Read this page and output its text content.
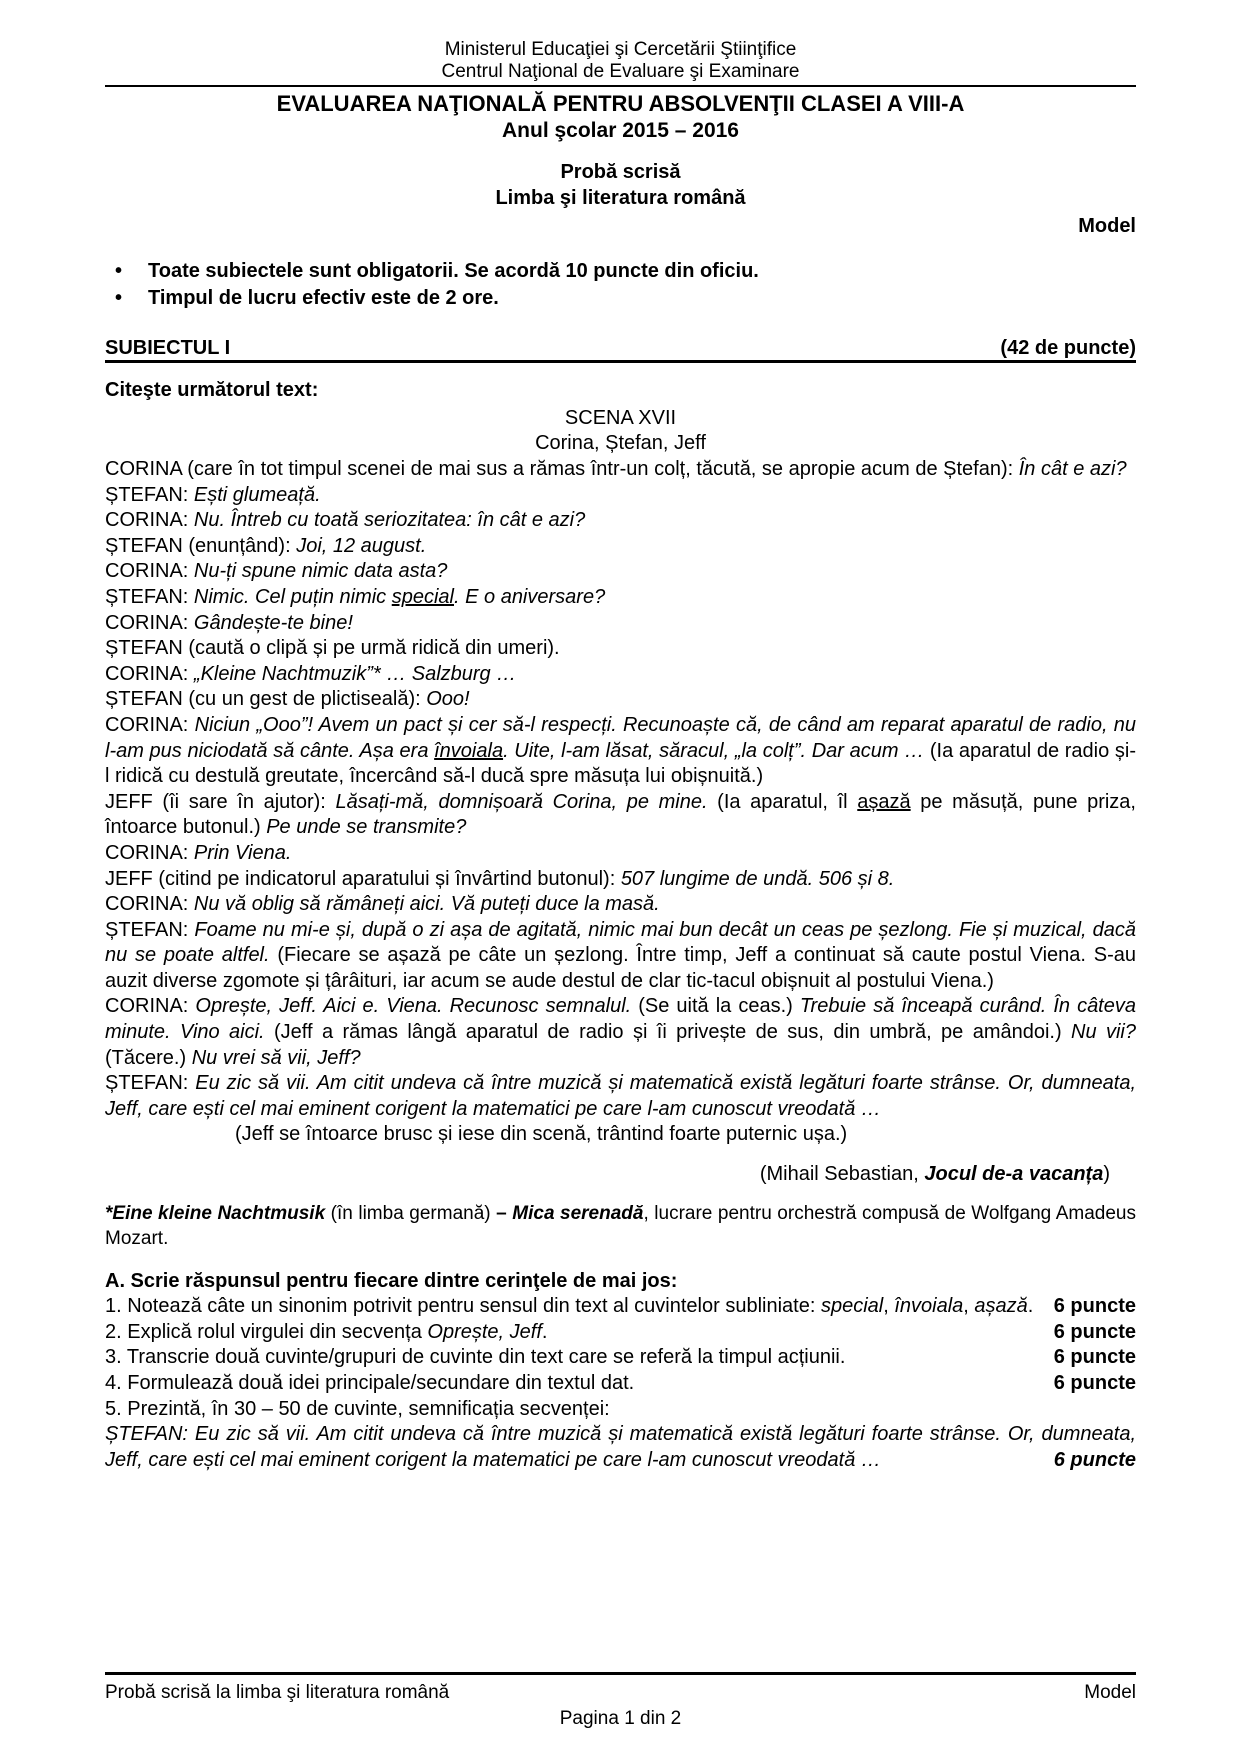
Ministerul Educaţiei şi Cercetării Ştiinţifice
Centrul Naţional de Evaluare şi Examinare
EVALUAREA NAŢIONALĂ PENTRU ABSOLVENŢII CLASEI A VIII-A
Anul şcolar 2015 – 2016
Probă scrisă
Limba şi literatura română
Model
• Toate subiectele sunt obligatorii. Se acordă 10 puncte din oficiu.
• Timpul de lucru efectiv este de 2 ore.
SUBIECTUL I	(42 de puncte)
Citeşte următorul text:
SCENA XVII
Corina, Ștefan, Jeff

CORINA (care în tot timpul scenei de mai sus a rămas într-un colț, tăcută, se apropie acum de Ștefan): În cât e azi?

ȘTEFAN: Ești glumeață.

CORINA: Nu. Întreb cu toată seriozitatea: în cât e azi?

ȘTEFAN (enunțând): Joi, 12 august.

CORINA: Nu-ți spune nimic data asta?

ȘTEFAN: Nimic. Cel puțin nimic special. E o aniversare?

CORINA: Gândește-te bine!

ȘTEFAN (caută o clipă și pe urmă ridică din umeri).

CORINA: „Kleine Nachtmuzik”* … Salzburg …

ȘTEFAN (cu un gest de plictiseală): Ooo!

CORINA: Niciun „Ooo”! Avem un pact și cer să-l respecți. Recunoaște că, de când am reparat aparatul de radio, nu l-am pus niciodată să cânte. Așa era învoiala. Uite, l-am lăsat, săracul, „la colț”. Dar acum … (Ia aparatul de radio și-l ridică cu destulă greutate, încercând să-l ducă spre măsuța lui obișnuită.)

JEFF (îi sare în ajutor): Lăsați-mă, domnișoară Corina, pe mine. (Ia aparatul, îl așază pe măsuță, pune priza, întoarce butonul.) Pe unde se transmite?

CORINA: Prin Viena.

JEFF (citind pe indicatorul aparatului și învârtind butonul): 507 lungime de undă. 506 și 8.

CORINA: Nu vă oblig să rămâneți aici. Vă puteți duce la masă.

ȘTEFAN: Foame nu mi-e și, după o zi așa de agitată, nimic mai bun decât un ceas pe șezlong. Fie și muzical, dacă nu se poate altfel. (Fiecare se așază pe câte un șezlong. Între timp, Jeff a continuat să caute postul Viena. S-au auzit diverse zgomote și țârâituri, iar acum se aude destul de clar tic-tacul obișnuit al postului Viena.)

CORINA: Oprește, Jeff. Aici e. Viena. Recunosc semnalul. (Se uită la ceas.) Trebuie să înceapă curând. În câteva minute. Vino aici. (Jeff a rămas lângă aparatul de radio și îi privește de sus, din umbră, pe amândoi.) Nu vii? (Tăcere.) Nu vrei să vii, Jeff?

ȘTEFAN: Eu zic să vii. Am citit undeva că între muzică și matematică există legături foarte strânse. Or, dumneata, Jeff, care ești cel mai eminent corigent la matematici pe care l-am cunoscut vreodată …

(Jeff se întoarce brusc și iese din scenă, trântind foarte puternic ușa.)

(Mihail Sebastian, Jocul de-a vacanța)

*Eine kleine Nachtmusik (în limba germană) – Mica serenadă, lucrare pentru orchestră compusă de Wolfgang Amadeus Mozart.

A. Scrie răspunsul pentru fiecare dintre cerinţele de mai jos:

1. Notează câte un sinonim potrivit pentru sensul din text al cuvintelor subliniate: special, învoiala, așază. 6 puncte
2. Explică rolul virgulei din secvența Oprește, Jeff.	6 puncte
3. Transcrie două cuvinte/grupuri de cuvinte din text care se referă la timpul acțiunii.	6 puncte
4. Formulează două idei principale/secundare din textul dat.	6 puncte
5. Prezintă, în 30 – 50 de cuvinte, semnificația secvenței:
ȘTEFAN: Eu zic să vii. Am citit undeva că între muzică și matematică există legături foarte strânse. Or, dumneata, Jeff, care ești cel mai eminent corigent la matematici pe care l-am cunoscut vreodată …	6 puncte
Probă scrisă la limba şi literatura română	Model
Pagina 1 din 2
